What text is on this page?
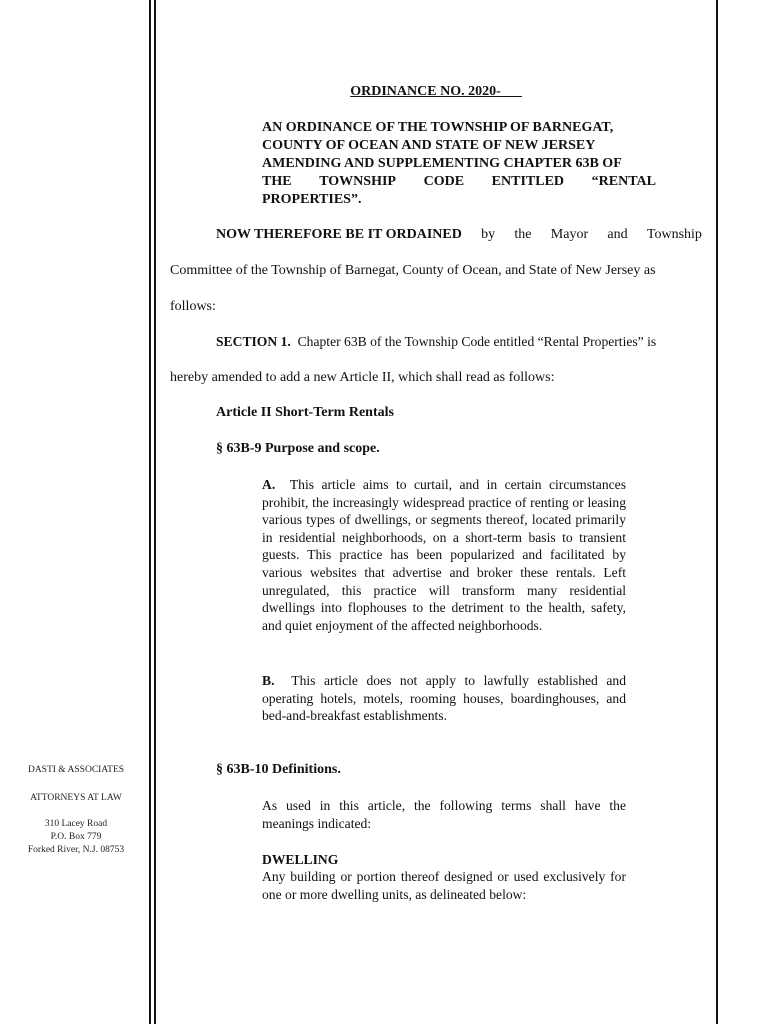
DASTI & ASSOCIATES
ATTORNEYS AT LAW
310 Lacey Road
P.O. Box 779
Forked River, N.J. 08753
ORDINANCE NO. 2020-___
AN ORDINANCE OF THE TOWNSHIP OF BARNEGAT,
COUNTY OF OCEAN AND STATE OF NEW JERSEY
AMENDING AND SUPPLEMENTING CHAPTER 63B OF
THE TOWNSHIP CODE ENTITLED “RENTAL
PROPERTIES”.
NOW THEREFORE BE IT ORDAINED by the Mayor and Township
Committee of the Township of Barnegat, County of Ocean, and State of New Jersey as
follows:
SECTION 1. Chapter 63B of the Township Code entitled “Rental Properties” is
hereby amended to add a new Article II, which shall read as follows:
Article II Short-Term Rentals
§ 63B-9 Purpose and scope.
A. This article aims to curtail, and in certain circumstances prohibit, the increasingly widespread practice of renting or leasing various types of dwellings, or segments thereof, located primarily in residential neighborhoods, on a short-term basis to transient guests. This practice has been popularized and facilitated by various websites that advertise and broker these rentals. Left unregulated, this practice will transform many residential dwellings into flophouses to the detriment to the health, safety, and quiet enjoyment of the affected neighborhoods.
B. This article does not apply to lawfully established and operating hotels, motels, rooming houses, boardinghouses, and bed-and-breakfast establishments.
§ 63B-10 Definitions.
As used in this article, the following terms shall have the meanings indicated:
DWELLING
Any building or portion thereof designed or used exclusively for one or more dwelling units, as delineated below:
